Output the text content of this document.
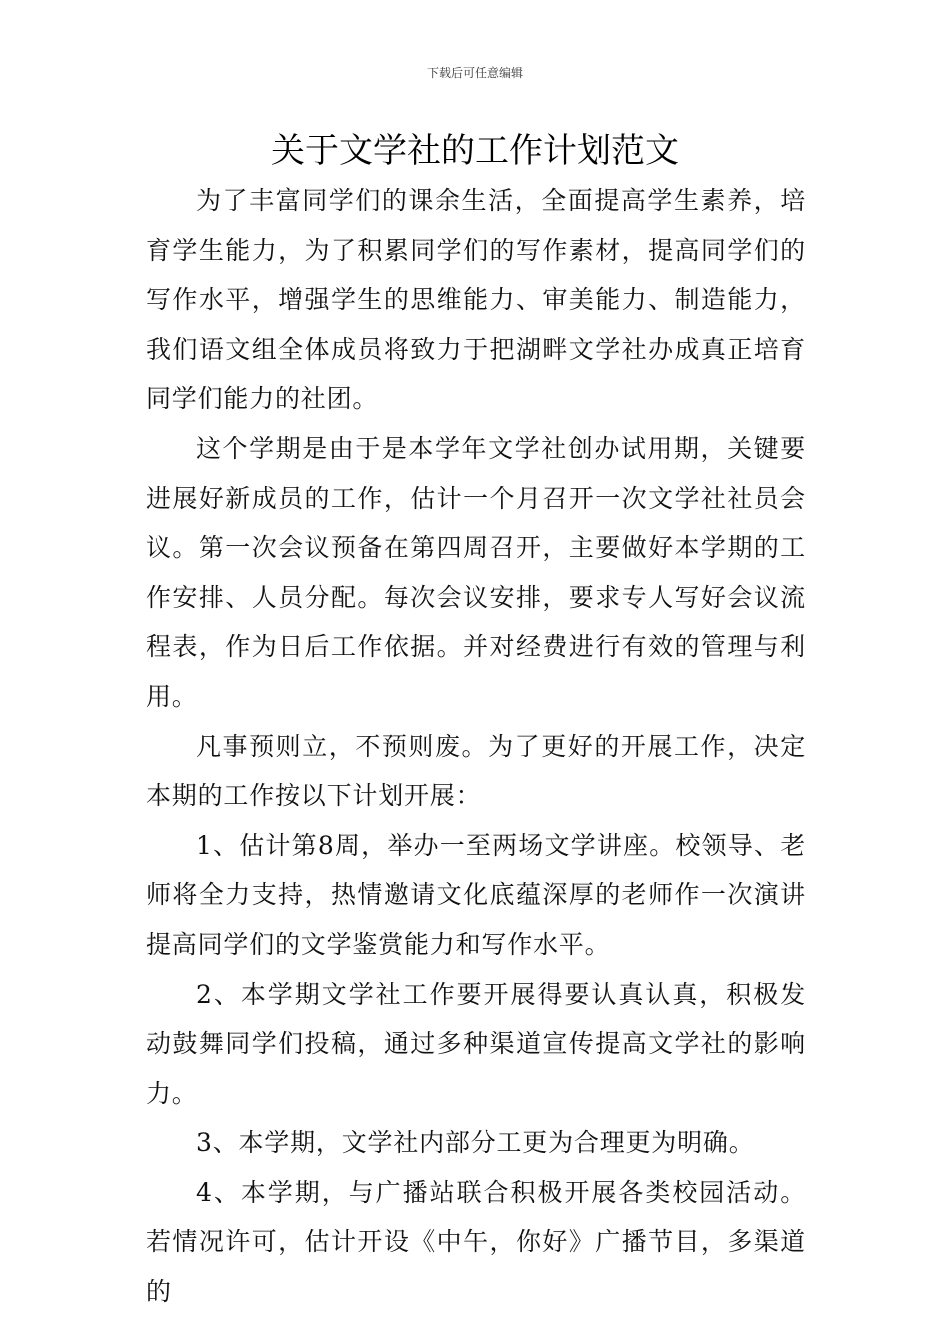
下载后可任意编辑
关于文学社的工作计划范文

为了丰富同学们的课余生活，全面提高学生素养，培育学生能力，为了积累同学们的写作素材，提高同学们的写作水平，增强学生的思维能力、审美能力、制造能力，我们语文组全体成员将致力于把湖畔文学社办成真正培育同学们能力的社团。

这个学期是由于是本学年文学社创办试用期，关键要进展好新成员的工作，估计一个月召开一次文学社社员会议。第一次会议预备在第四周召开，主要做好本学期的工作安排、人员分配。每次会议安排，要求专人写好会议流程表，作为日后工作依据。并对经费进行有效的管理与利用。

凡事预则立，不预则废。为了更好的开展工作，决定本期的工作按以下计划开展：

1、估计第8周，举办一至两场文学讲座。校领导、老师将全力支持，热情邀请文化底蕴深厚的老师作一次演讲提高同学们的文学鉴赏能力和写作水平。

2、本学期文学社工作要开展得要认真认真，积极发动鼓舞同学们投稿，通过多种渠道宣传提高文学社的影响力。

3、本学期，文学社内部分工更为合理更为明确。

4、本学期，与广播站联合积极开展各类校园活动。若情况许可，估计开设《中午，你好》广播节目，多渠道的
